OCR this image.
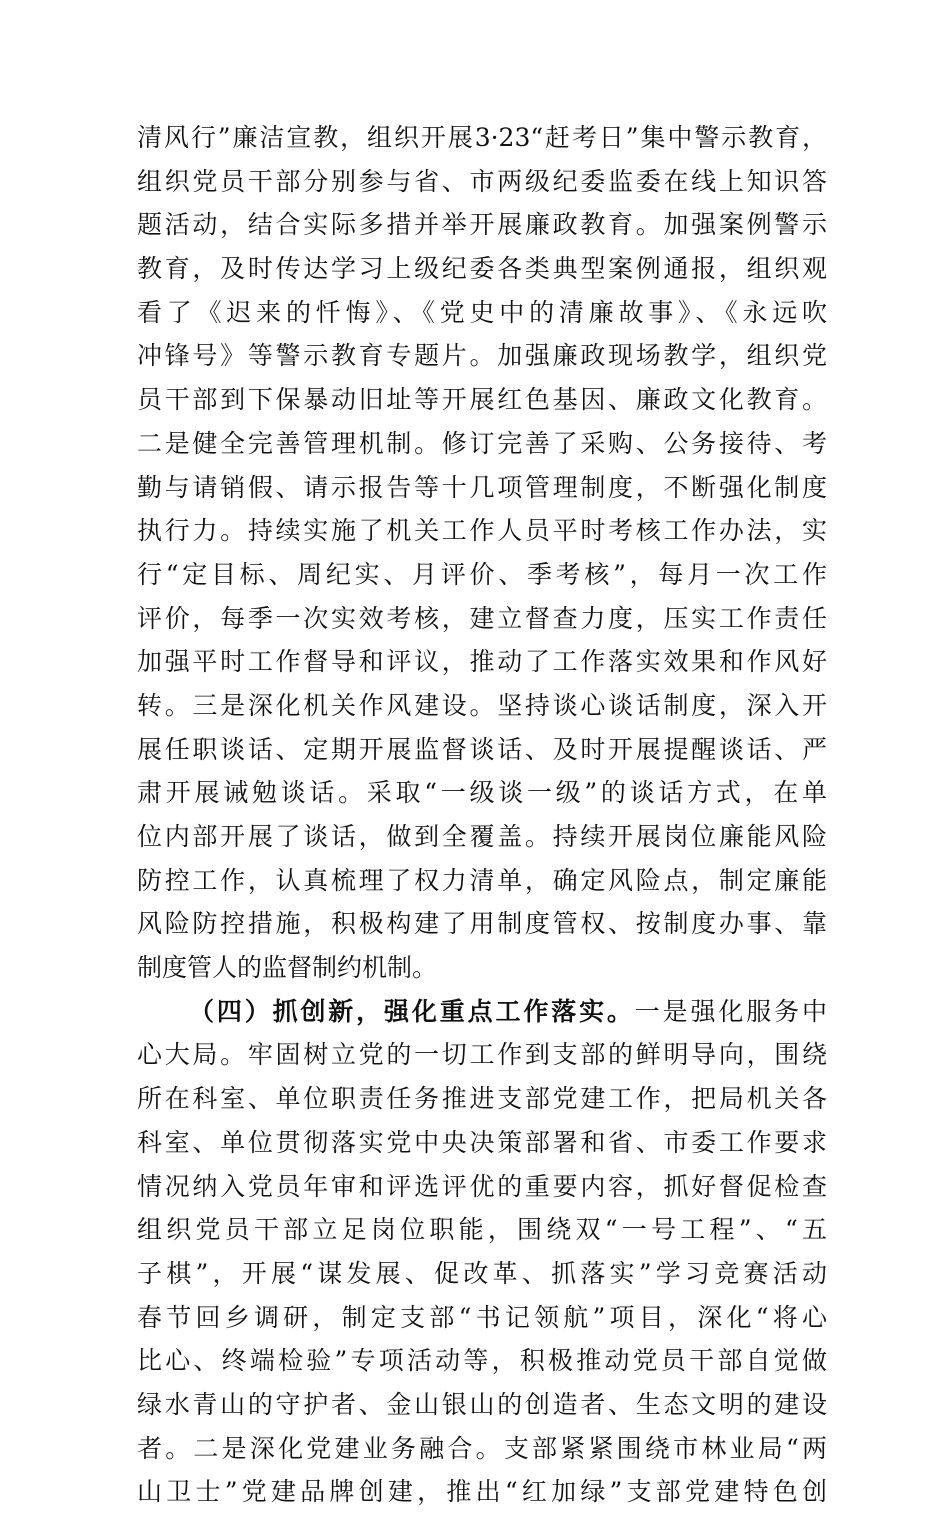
清风行”廉洁宣教，组织开展3·23“赶考日”集中警示教育，
组织党员干部分别参与省、市两级纪委监委在线上知识答
题活动，结合实际多措并举开展廉政教育。加强案例警示
教育，及时传达学习上级纪委各类典型案例通报，组织观
看了《迟来的忏悔》、《党史中的清廉故事》、《永远吹
冲锋号》等警示教育专题片。加强廉政现场教学，组织党
员干部到下保暴动旧址等开展红色基因、廉政文化教育。
二是健全完善管理机制。修订完善了采购、公务接待、考
勤与请销假、请示报告等十几项管理制度，不断强化制度
执行力。持续实施了机关工作人员平时考核工作办法，实
行“定目标、周纪实、月评价、季考核”，每月一次工作
评价，每季一次实效考核，建立督查力度，压实工作责任
加强平时工作督导和评议，推动了工作落实效果和作风好
转。三是深化机关作风建设。坚持谈心谈话制度，深入开
展任职谈话、定期开展监督谈话、及时开展提醒谈话、严
肃开展诫勉谈话。采取“一级谈一级”的谈话方式，在单
位内部开展了谈话，做到全覆盖。持续开展岗位廉能风险
防控工作，认真梳理了权力清单，确定风险点，制定廉能
风险防控措施，积极构建了用制度管权、按制度办事、靠
制度管人的监督制约机制。
（四）抓创新，强化重点工作落实。一是强化服务中
心大局。牢固树立党的一切工作到支部的鲜明导向，围绕
所在科室、单位职责任务推进支部党建工作，把局机关各
科室、单位贯彻落实党中央决策部署和省、市委工作要求
情况纳入党员年审和评选评优的重要内容，抓好督促检查
组织党员干部立足岗位职能，围绕双“一号工程”、“五
子棋”，开展“谋发展、促改革、抓落实”学习竞赛活动
春节回乡调研，制定支部“书记领航”项目，深化“将心
比心、终端检验”专项活动等，积极推动党员干部自觉做
绿水青山的守护者、金山银山的创造者、生态文明的建设
者。二是深化党建业务融合。支部紧紧围绕市林业局“两
山卫士”党建品牌创建，推出“红加绿”支部党建特色创
